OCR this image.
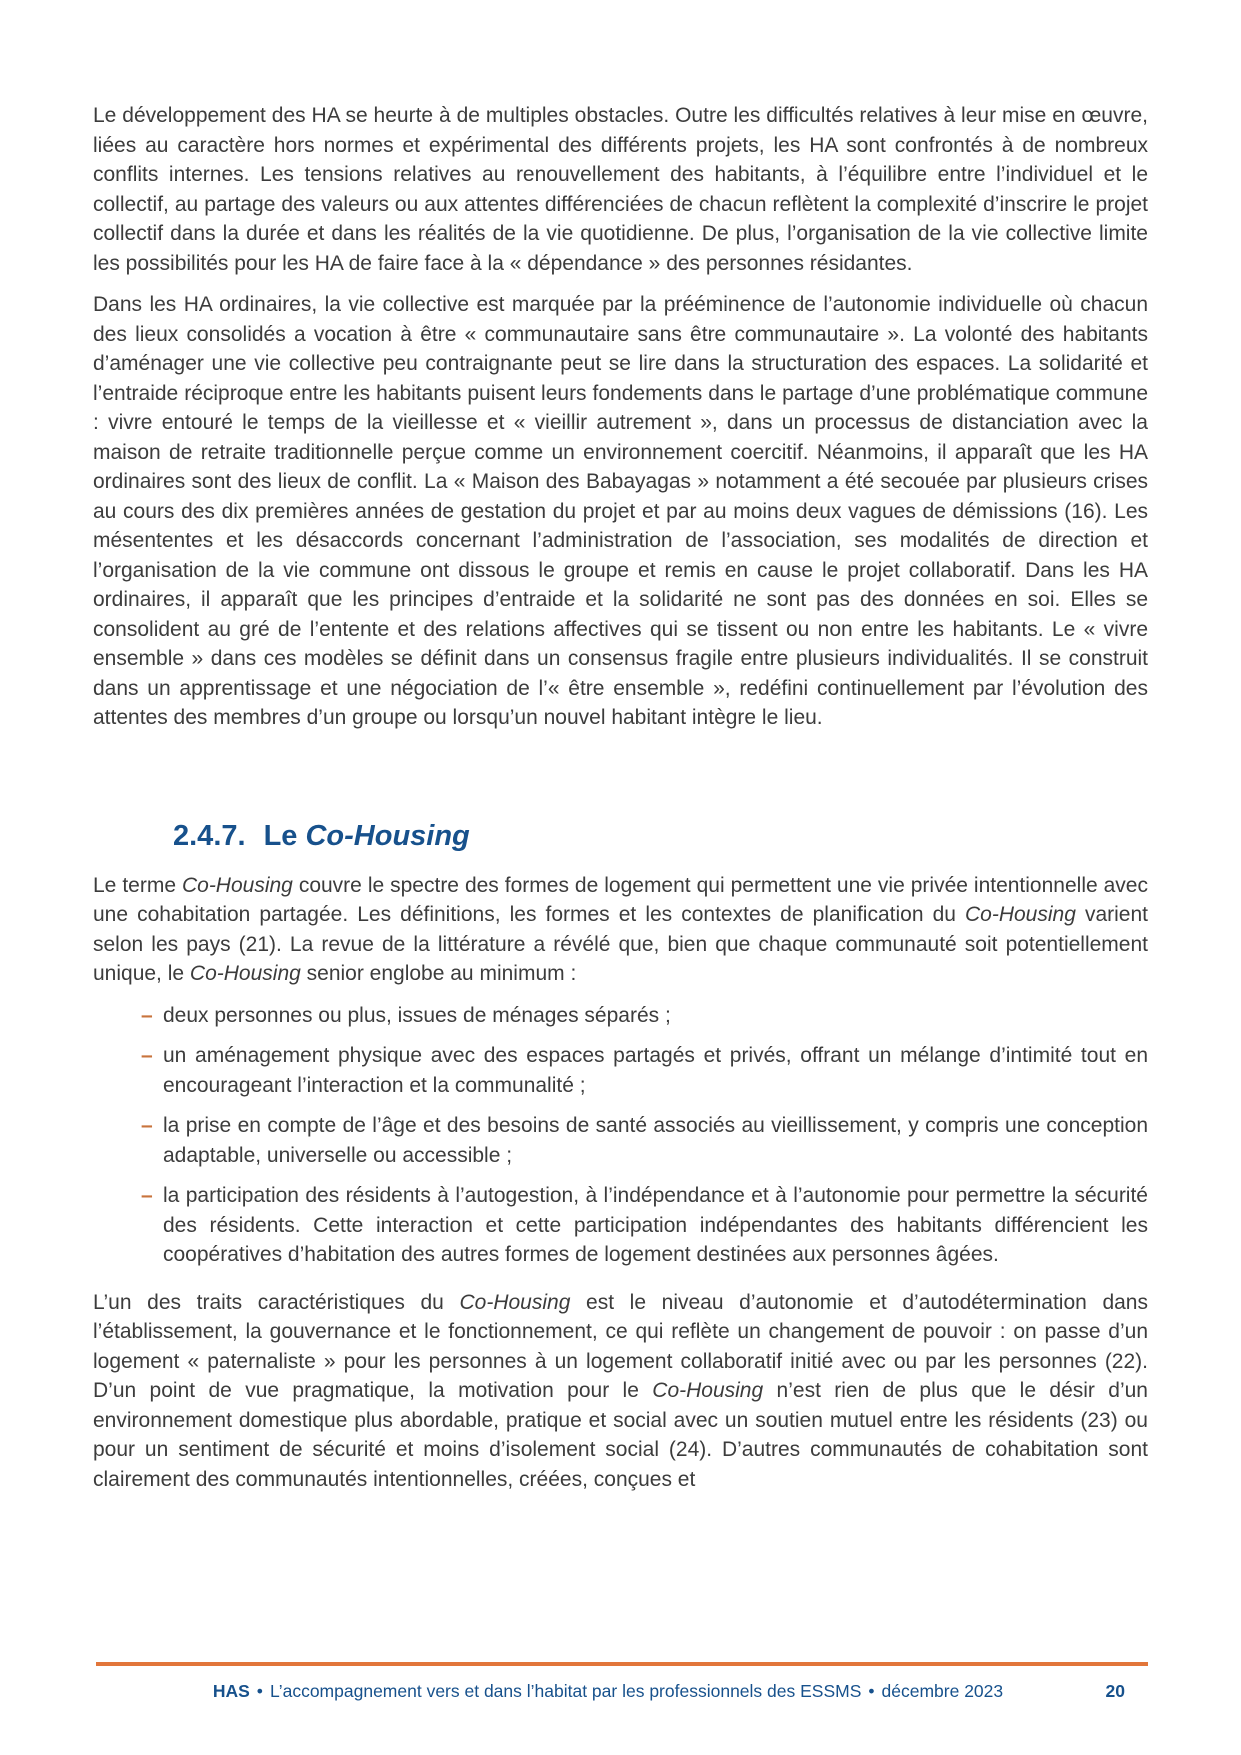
Le développement des HA se heurte à de multiples obstacles. Outre les difficultés relatives à leur mise en œuvre, liées au caractère hors normes et expérimental des différents projets, les HA sont confrontés à de nombreux conflits internes. Les tensions relatives au renouvellement des habitants, à l’équilibre entre l’individuel et le collectif, au partage des valeurs ou aux attentes différenciées de chacun reflètent la complexité d’inscrire le projet collectif dans la durée et dans les réalités de la vie quotidienne. De plus, l’organisation de la vie collective limite les possibilités pour les HA de faire face à la « dépendance » des personnes résidantes.

Dans les HA ordinaires, la vie collective est marquée par la prééminence de l’autonomie individuelle où chacun des lieux consolidés a vocation à être « communautaire sans être communautaire ». La volonté des habitants d’aménager une vie collective peu contraignante peut se lire dans la structuration des espaces. La solidarité et l’entraide réciproque entre les habitants puisent leurs fondements dans le partage d’une problématique commune : vivre entouré le temps de la vieillesse et « vieillir autrement », dans un processus de distanciation avec la maison de retraite traditionnelle perçue comme un environnement coercitif. Néanmoins, il apparaît que les HA ordinaires sont des lieux de conflit. La « Maison des Babayagas » notamment a été secouée par plusieurs crises au cours des dix premières années de gestation du projet et par au moins deux vagues de démissions (16). Les mésententes et les désaccords concernant l’administration de l’association, ses modalités de direction et l’organisation de la vie commune ont dissous le groupe et remis en cause le projet collaboratif. Dans les HA ordinaires, il apparaît que les principes d’entraide et la solidarité ne sont pas des données en soi. Elles se consolident au gré de l’entente et des relations affectives qui se tissent ou non entre les habitants. Le « vivre ensemble » dans ces modèles se définit dans un consensus fragile entre plusieurs individualités. Il se construit dans un apprentissage et une négociation de l’« être ensemble », redéfini continuellement par l’évolution des attentes des membres d’un groupe ou lorsqu’un nouvel habitant intègre le lieu.

2.4.7. Le Co-Housing

Le terme Co-Housing couvre le spectre des formes de logement qui permettent une vie privée intentionnelle avec une cohabitation partagée. Les définitions, les formes et les contextes de planification du Co-Housing varient selon les pays (21). La revue de la littérature a révélé que, bien que chaque communauté soit potentiellement unique, le Co-Housing senior englobe au minimum :

– deux personnes ou plus, issues de ménages séparés ;
– un aménagement physique avec des espaces partagés et privés, offrant un mélange d’intimité tout en encourageant l’interaction et la communalité ;
– la prise en compte de l’âge et des besoins de santé associés au vieillissement, y compris une conception adaptable, universelle ou accessible ;
– la participation des résidents à l’autogestion, à l’indépendance et à l’autonomie pour permettre la sécurité des résidents. Cette interaction et cette participation indépendantes des habitants différencient les coopératives d’habitation des autres formes de logement destinées aux personnes âgées.

L’un des traits caractéristiques du Co-Housing est le niveau d’autonomie et d’autodétermination dans l’établissement, la gouvernance et le fonctionnement, ce qui reflète un changement de pouvoir : on passe d’un logement « paternaliste » pour les personnes à un logement collaboratif initié avec ou par les personnes (22). D’un point de vue pragmatique, la motivation pour le Co-Housing n’est rien de plus que le désir d’un environnement domestique plus abordable, pratique et social avec un soutien mutuel entre les résidents (23) ou pour un sentiment de sécurité et moins d’isolement social (24). D’autres communautés de cohabitation sont clairement des communautés intentionnelles, créées, conçues et

HAS • L’accompagnement vers et dans l’habitat par les professionnels des ESSMS • décembre 2023	20
